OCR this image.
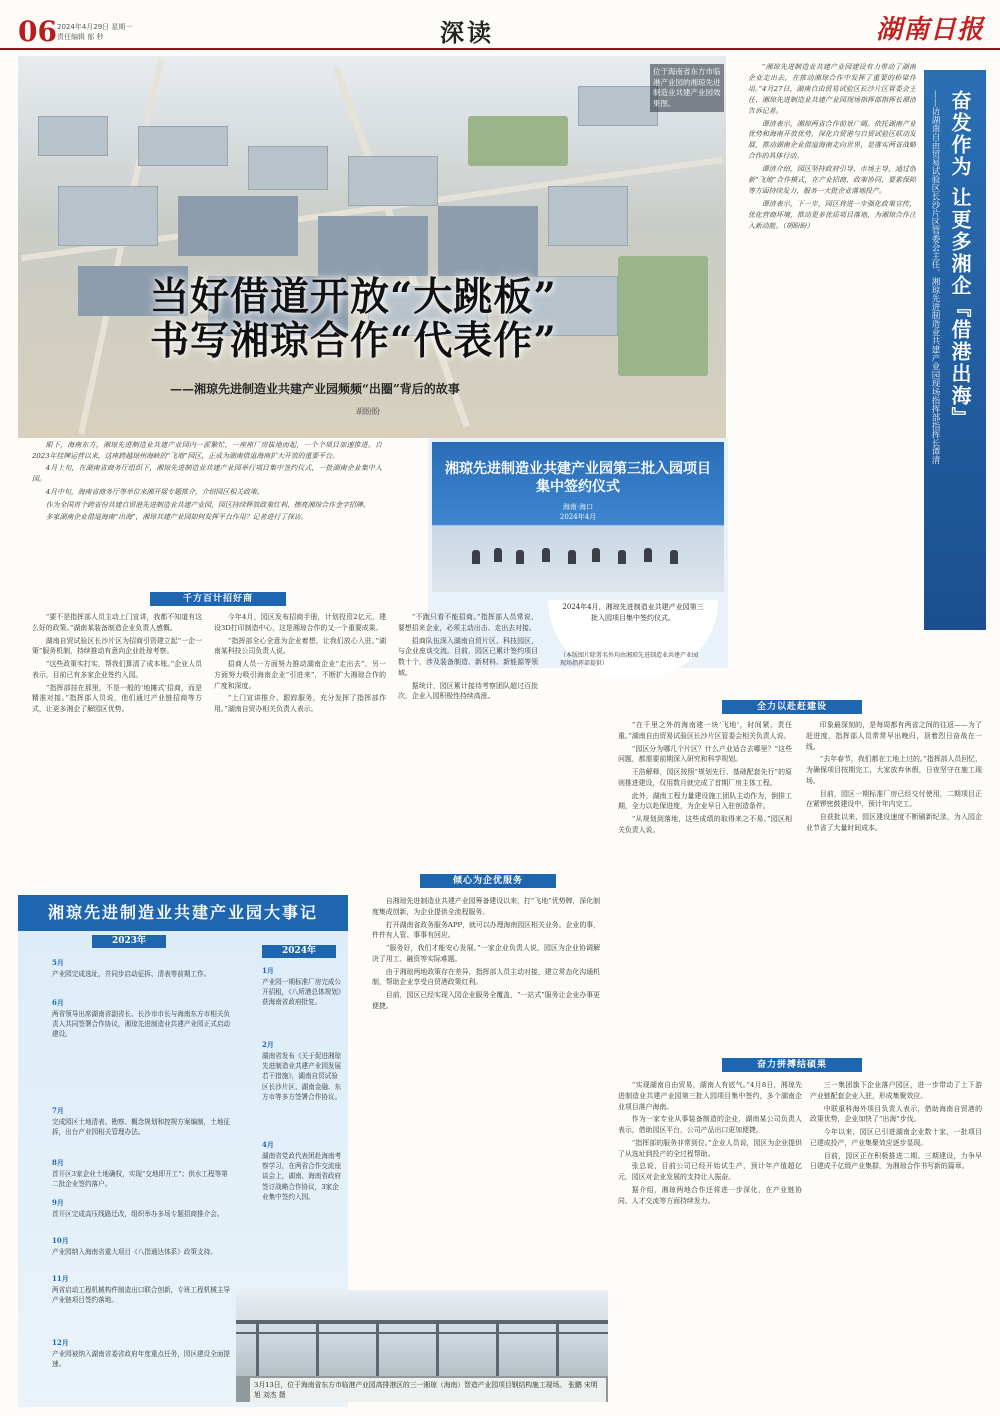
06 2024年4月29日 星期一
责任编辑 郁 秒	深读	湖南日报
位于海南省东方市临港产业园的湘琼先进制造业共建产业园效果图。
当好借道开放“大跳板”
书写湘琼合作“代表作”
——湘琼先进制造业共建产业园频频“出圈”背后的故事
胡盼盼

“湘琼先进制造业共建产业园建设有力带动了湖南企业走出去，在推动湘琼合作中发挥了重要的桥梁作用。”4月27日，湖南自由贸易试验区长沙片区管委会主任、湘琼先进制造业共建产业园现场指挥部指挥长谭清告诉记者。

谭清表示，湘琼两省合作前景广阔。依托湖南产业优势和海南开放优势，深化自贸港与自贸试验区联动发展，推动湖南企业借道海南走向世界，是落实两省战略合作的具体行动。

谭清介绍，园区坚持政府引导、市场主导，通过创新“飞地”合作模式，在产业招商、政策协同、要素保障等方面持续发力，服务一大批企业落地投产。

谭清表示，下一步，园区将进一步强化政策宣传，优化营商环境，推动更多优质项目落地，为湘琼合作注入新动能。（胡盼盼）	奋发作为 让更多湘企『借港出海』
——访湖南自由贸易试验区长沙片区管委会主任、湘琼先进制造业共建产业园现场指挥部指挥长谭清

眼下，海南东方，湘琼先进制造业共建产业园内一派繁忙，一座座厂房拔地而起，一个个项目加速推进。自2023年挂牌运营以来，这座跨越琼州海峡的“飞地”园区，正成为湖南借道海南扩大开放的重要平台。

4月上旬，在湖南省商务厅组织下，湘琼先进制造业共建产业园举行项目集中签约仪式，一批湖南企业集中入园。

4月中旬，海南省商务厅等单位来湘开展专题推介，介绍园区相关政策。

作为全国首个跨省份共建自贸港先进制造业共建产业园，园区持续释放政策红利、擦亮湘琼合作金字招牌。

多家湖南企业借道海南“出海”，湘琼共建产业园如何发挥平台作用？记者进行了探访。

湘琼先进制造业共建产业园第三批入园项目集中签约仪式
海南·海口
2024年4月
2024年4月，湘琼先进制造业共建产业园第三批入园项目集中签约仪式。
（本版图片除署名外均由湘琼先进制造业共建产业园现场指挥部提供）
千方百计招好商

“要不是指挥部人员主动上门宣讲，我都不知道有这么好的政策。”湖南某装备制造企业负责人感慨。

湖南自贸试验区长沙片区为招商引资建立起“一企一策”服务机制，持续推动有意向企业赴琼考察。

“这些政策实打实，帮我们算清了成本账。”企业人员表示，目前已有多家企业签约入园。

“指挥部挂在那里，不是一般的‘地摊式’招商，而是精准对接。”指挥部人员说，他们通过产业链招商等方式，让更多湘企了解园区优势。

今年4月，园区发布招商手册，计划投资2亿元，建设3D打印制造中心，这是湘琼合作的又一个重要成果。

“指挥部全心全意为企业着想，让我们放心入驻。”湖南某科技公司负责人说。

招商人员一方面努力推动湖南企业“走出去”，另一方面努力吸引海南企业“引进来”，不断扩大湘琼合作的广度和深度。

“上门宣讲推介、跟踪服务，充分发挥了指挥部作用。”湖南自贸办相关负责人表示。

“不跑只看不能招商。”指挥部人员常说，要想招来企业，必须主动出击、走出去对接。

招商队伍深入湖南自贸片区、科技园区，与企业座谈交流。目前，园区已累计签约项目数十个，涉及装备制造、新材料、新能源等领域。

据统计，园区累计接待考察团队超过百批次，企业入园积极性持续高涨。

全力以赴赶建设

“在千里之外的海南建一块‘飞地’，时间紧、责任重。”湖南自由贸易试验区长沙片区管委会相关负责人说。

“园区分为哪几个片区？什么产业适合去哪里？”这些问题，都需要前期深入研究和科学规划。

王浩解释，园区按照“规划先行、基础配套先行”的原则推进建设，仅用数月就完成了首期厂房主体工程。

此外，湖南工程力量建设施工团队主动作为，倒排工期，全力以赴保进度，为企业早日入驻创造条件。

“从规划到落地，这些成绩的取得来之不易。”园区相关负责人说。

印象最深刻的，是每周都有两省之间的往返——为了赶进度，指挥部人员常常早出晚归，顶着烈日奋战在一线。

“去年春节，我们都在工地上过的。”指挥部人员回忆，为确保项目按期完工，大家放弃休假，日夜坚守在施工现场。

目前，园区一期标准厂房已经交付使用，二期项目正在紧锣密鼓建设中，预计年内完工。

自获批以来，园区建设速度不断刷新纪录，为入园企业节省了大量时间成本。

倾心为企优服务

自湘琼先进制造业共建产业园筹备建设以来，打“飞地”优势牌，深化制度集成创新，为企业提供全流程服务。

打开湖南省政务服务APP，就可以办理海南园区相关业务。企业的事，件件有人管、事事有回应。

“服务好，我们才能安心发展。”一家企业负责人说，园区为企业协调解决了用工、融资等实际难题。

由于湘琼两地政策存在差异，指挥部人员主动对接，建立常态化沟通机制，帮助企业享受自贸港政策红利。

目前，园区已经实现入园企业服务全覆盖，“一站式”服务让企业办事更便捷。

奋力拼搏结硕果

“实现湖南自由贸易，湖南人有底气。”4月8日，湘琼先进制造业共建产业园第三批入园项目集中签约，多个湖南企业项目落户海南。

作为一家专业从事装备制造的企业，湖南某公司负责人表示，借助园区平台，公司产品出口更加便捷。

“指挥部的服务非常到位。”企业人员说，园区为企业提供了从选址到投产的全过程帮助。

张总说，目前公司已经开始试生产，预计年产值超亿元，园区对企业发展的支持让人振奋。

据介绍，湘琼两地合作还将进一步深化，在产业链协同、人才交流等方面持续发力。

三一集团旗下企业落户园区，进一步带动了上下游产业链配套企业入驻，形成集聚效应。

中联重科海外项目负责人表示，借助海南自贸港的政策优势，企业加快了“出海”步伐。

今年以来，园区已引进湖南企业数十家，一批项目已建成投产，产业集聚效应逐步显现。

目前，园区正在积极推进二期、三期建设，力争早日建成千亿级产业集群，为湘琼合作书写新的篇章。

湘琼先进制造业共建产业园大事记
2023年
2024年
5月
产业园完成选址，并同步启动征拆、清表等前期工作。
6月
两省领导出席湖南省副省长、长沙市市长与海南东方市相关负责人共同签署合作协议，湘琼先进制造业共建产业园正式启动建设。
7月
完成园区土地清表、勘察、概念规划和控规方案编制，土地征拆，出台产业园相关管理办法。
8月
首开区3家企业土地确权，实现“交地即开工”；供水工程等第二批企业签约落户。
9月
首开区完成高压线路迁改，组织举办多场专题招商推介会。
10月
产业园纳入海南省重大项目《八指通达体系》政策支持。
11月
两省启动工程机械构件制造出口联合创新，专班工程机械主导产业链项目签约落地。
12月
产业园被纳入湖南省委省政府年度重点任务，园区建设全面提速。
1月
产业园一期标准厂房完成公开招租，《八所港总体规划》获海南省政府批复。
2月
湖南省发布《关于促进湘琼先进制造业共建产业园发展若干措施》，湖南自贸试验区长沙片区、湖南金融、东方市等多方签署合作协议。
4月
湖南省党政代表团赴海南考察学习，在两省合作交流座谈会上，湖南、海南省政府签订战略合作协议，3家企业集中签约入园。
3月13日，位于海南省东方市临港产业园高排港区的三一湘琼（海南）智造产业园项目钢结构施工现场。 张鹏 宋明旭 刘杰 摄
